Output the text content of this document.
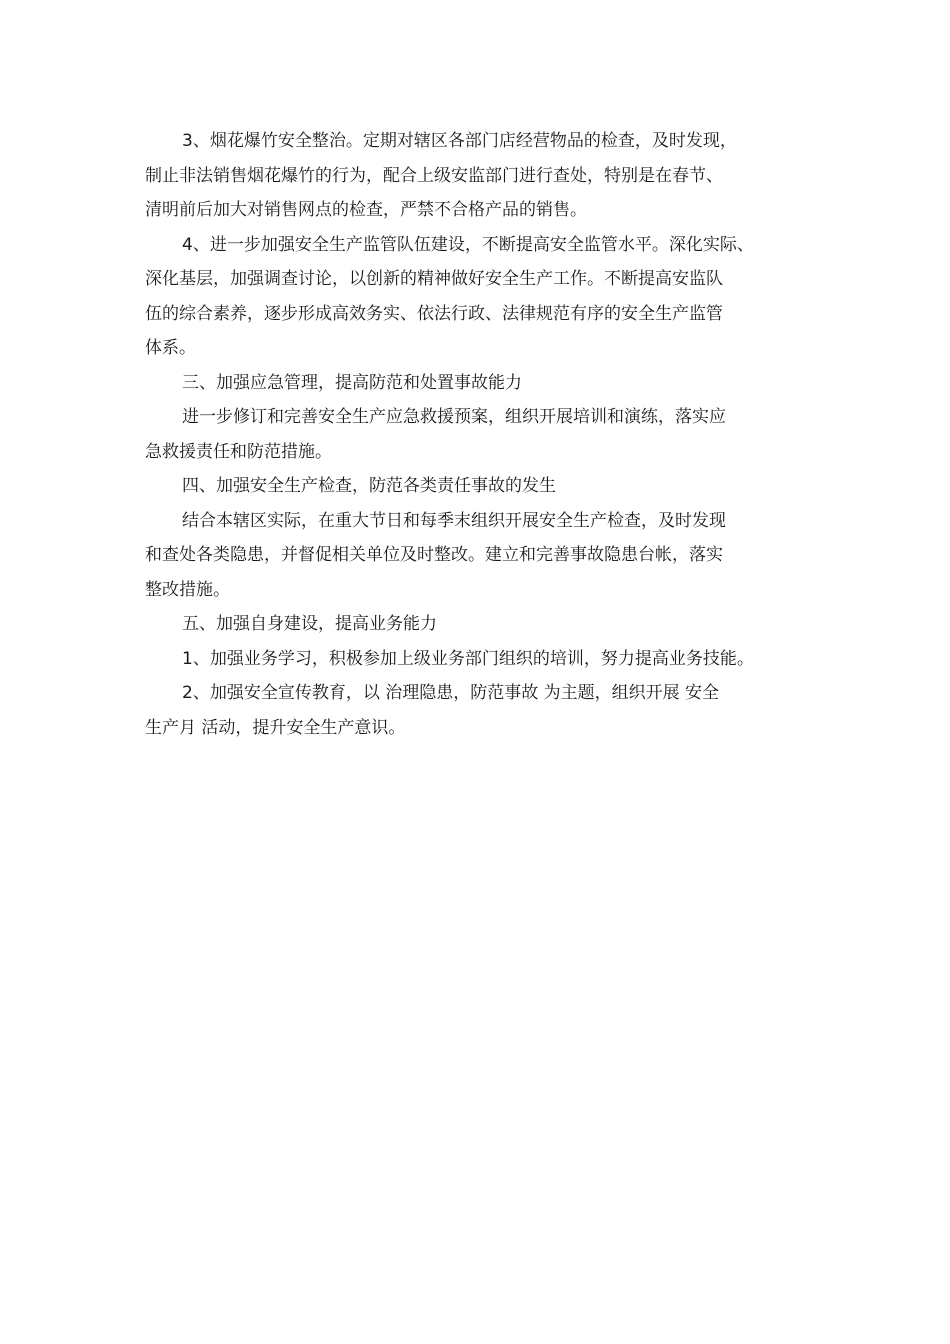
3、烟花爆竹安全整治。定期对辖区各部门店经营物品的检查，及时发现，
制止非法销售烟花爆竹的行为，配合上级安监部门进行查处，特别是在春节、
清明前后加大对销售网点的检查，严禁不合格产品的销售。
4、进一步加强安全生产监管队伍建设，不断提高安全监管水平。深化实际、
深化基层，加强调查讨论，以创新的精神做好安全生产工作。不断提高安监队
伍的综合素养，逐步形成高效务实、依法行政、法律规范有序的安全生产监管
体系。
三、加强应急管理，提高防范和处置事故能力
进一步修订和完善安全生产应急救援预案，组织开展培训和演练，落实应
急救援责任和防范措施。
四、加强安全生产检查，防范各类责任事故的发生
结合本辖区实际，在重大节日和每季末组织开展安全生产检查，及时发现
和查处各类隐患，并督促相关单位及时整改。建立和完善事故隐患台帐，落实
整改措施。
五、加强自身建设，提高业务能力
1、加强业务学习，积极参加上级业务部门组织的培训，努力提高业务技能。
2、加强安全宣传教育，以 治理隐患，防范事故 为主题，组织开展 安全
生产月 活动，提升安全生产意识。
